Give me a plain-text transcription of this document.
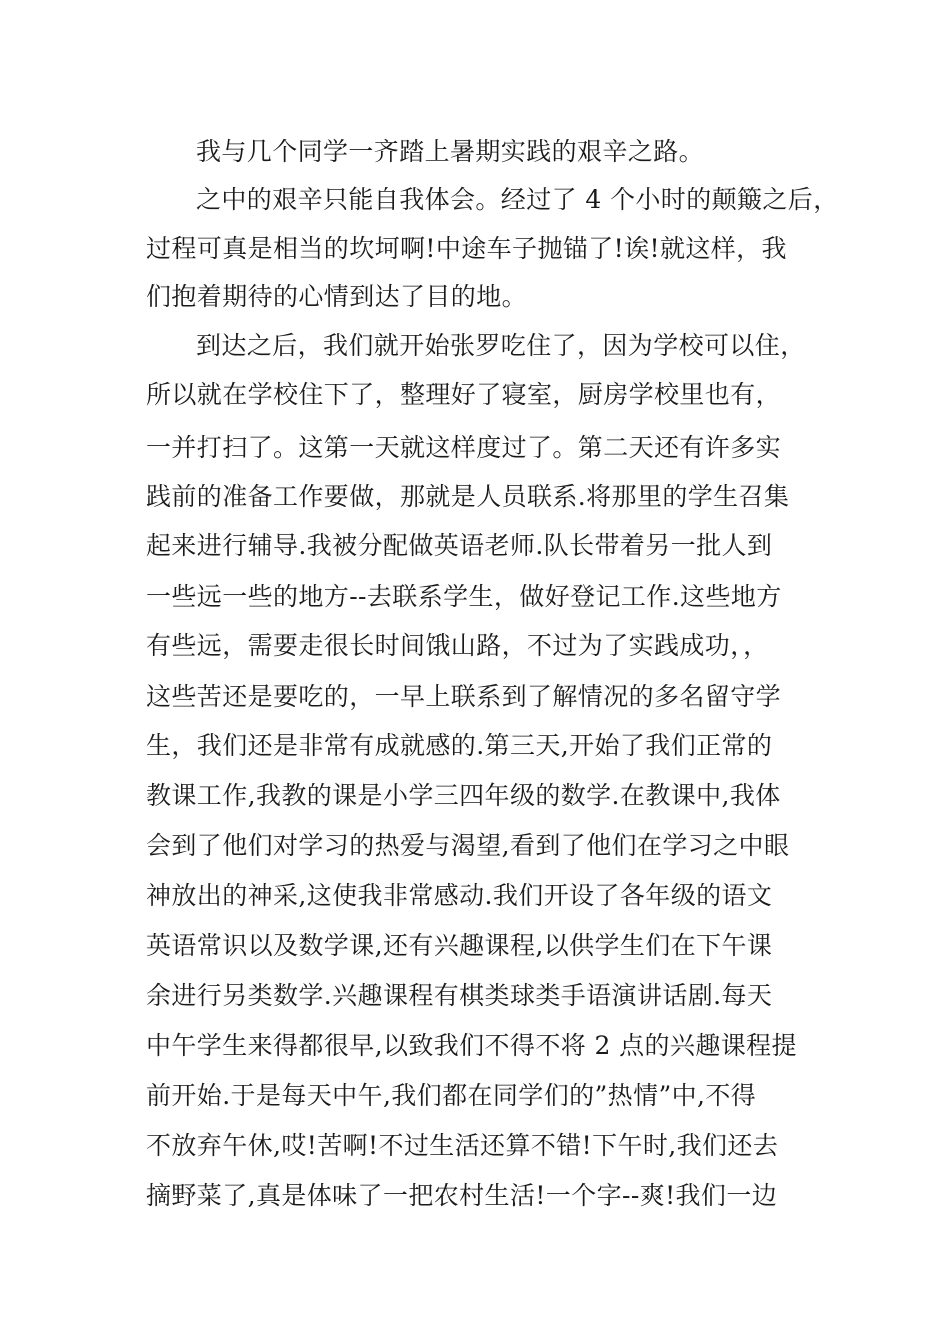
我与几个同学一齐踏上暑期实践的艰辛之路。
之中的艰辛只能自我体会。经过了 4 个小时的颠簸之后，
过程可真是相当的坎坷啊!中途车子抛锚了!诶!就这样，我
们抱着期待的心情到达了目的地。
到达之后，我们就开始张罗吃住了，因为学校可以住，
所以就在学校住下了，整理好了寝室，厨房学校里也有，
一并打扫了。这第一天就这样度过了。第二天还有许多实
践前的准备工作要做，那就是人员联系.将那里的学生召集
起来进行辅导.我被分配做英语老师.队长带着另一批人到
一些远一些的地方--去联系学生，做好登记工作.这些地方
有些远，需要走很长时间饿山路，不过为了实践成功，，
这些苦还是要吃的，一早上联系到了解情况的多名留守学
生，我们还是非常有成就感的.第三天,开始了我们正常的
教课工作,我教的课是小学三四年级的数学.在教课中,我体
会到了他们对学习的热爱与渴望,看到了他们在学习之中眼
神放出的神采,这使我非常感动.我们开设了各年级的语文
英语常识以及数学课,还有兴趣课程,以供学生们在下午课
余进行另类数学.兴趣课程有棋类球类手语演讲话剧.每天
中午学生来得都很早,以致我们不得不将 2 点的兴趣课程提
前开始.于是每天中午,我们都在同学们的”热情”中,不得
不放弃午休,哎!苦啊!不过生活还算不错!下午时,我们还去
摘野菜了,真是体味了一把农村生活!一个字--爽!我们一边
